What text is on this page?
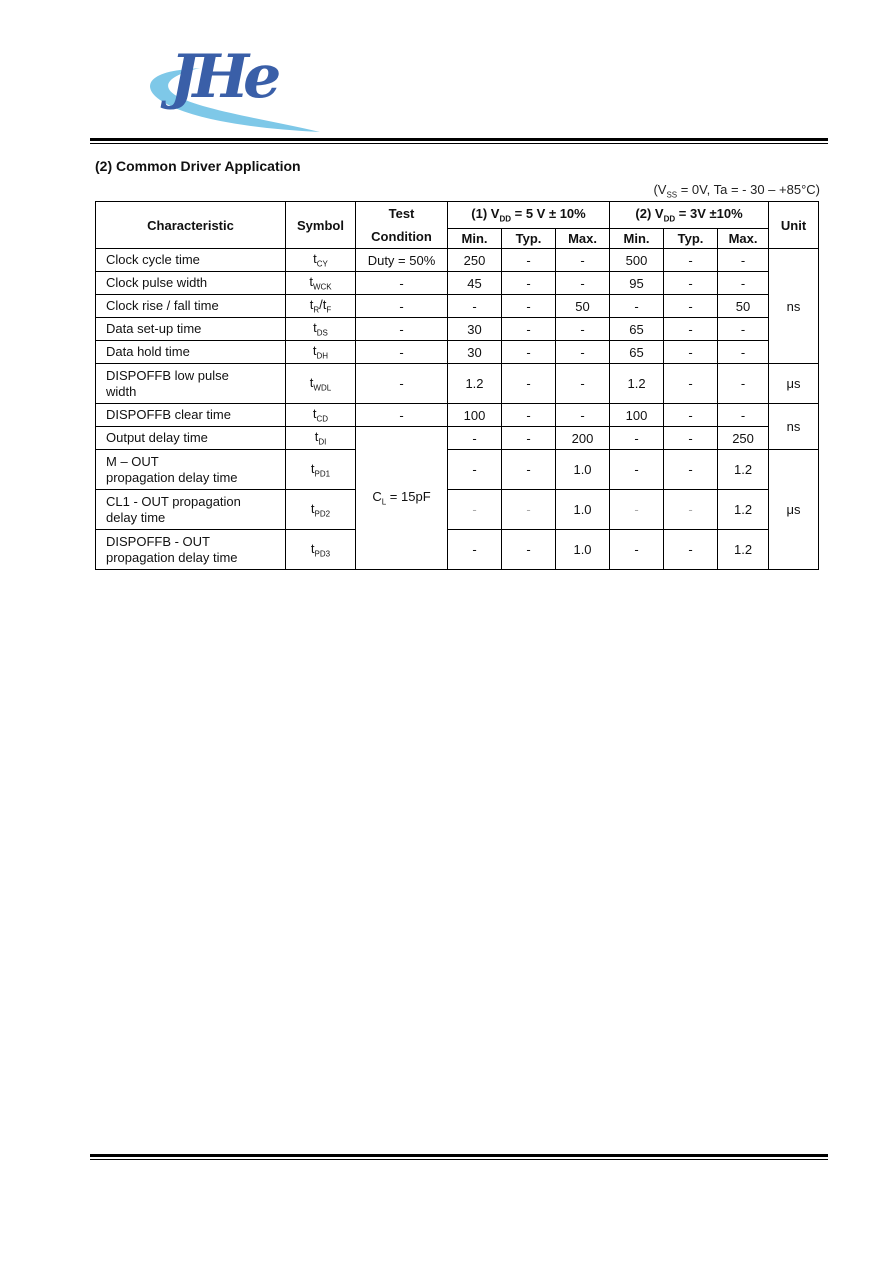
JHe
(2) Common Driver Application
($V_{SS} = 0V$, Ta = - 30 – +85°C)
Characteristic	Symbol	Test
Condition	(1) $V_{DD} = 5$ V ± 10%			(2) $V_{DD} = 3V \pm 10\%$			Unit
			Min.	Typ.	Max.	Min.	Typ.	Max.	
Clock cycle time	$t_{CY}$	Duty = 50%	250	-	-	500	-	-	ns
Clock pulse width	$t_{WCK}$	-	45	-	-	95	-	-	
Clock rise / fall time	$t_R/t_F$	-	-	-	50	-	-	50	
Data set-up time	$t_{DS}$	-	30	-	-	65	-	-	
Data hold time	$t_{DH}$	-	30	-	-	65	-	-	
DISPOFFB low pulse
width	$t_{WDL}$	-	1.2	-	-	1.2	-	-	μs
DISPOFFB clear time	$t_{CD}$	-	100	-	-	100	-	-	ns
Output delay time	$t_{DI}$	$C_L = 15pF$	-	-	200	-	-	250	
M – OUT
propagation delay time	$t_{PD1}$		-	-	1.0	-	-	1.2	μs
CL1 - OUT propagation
delay time	$t_{PD2}$		-	-	1.0	-	-	1.2	
DISPOFFB - OUT
propagation delay time	$t_{PD3}$		-	-	1.0	-	-	1.2	
